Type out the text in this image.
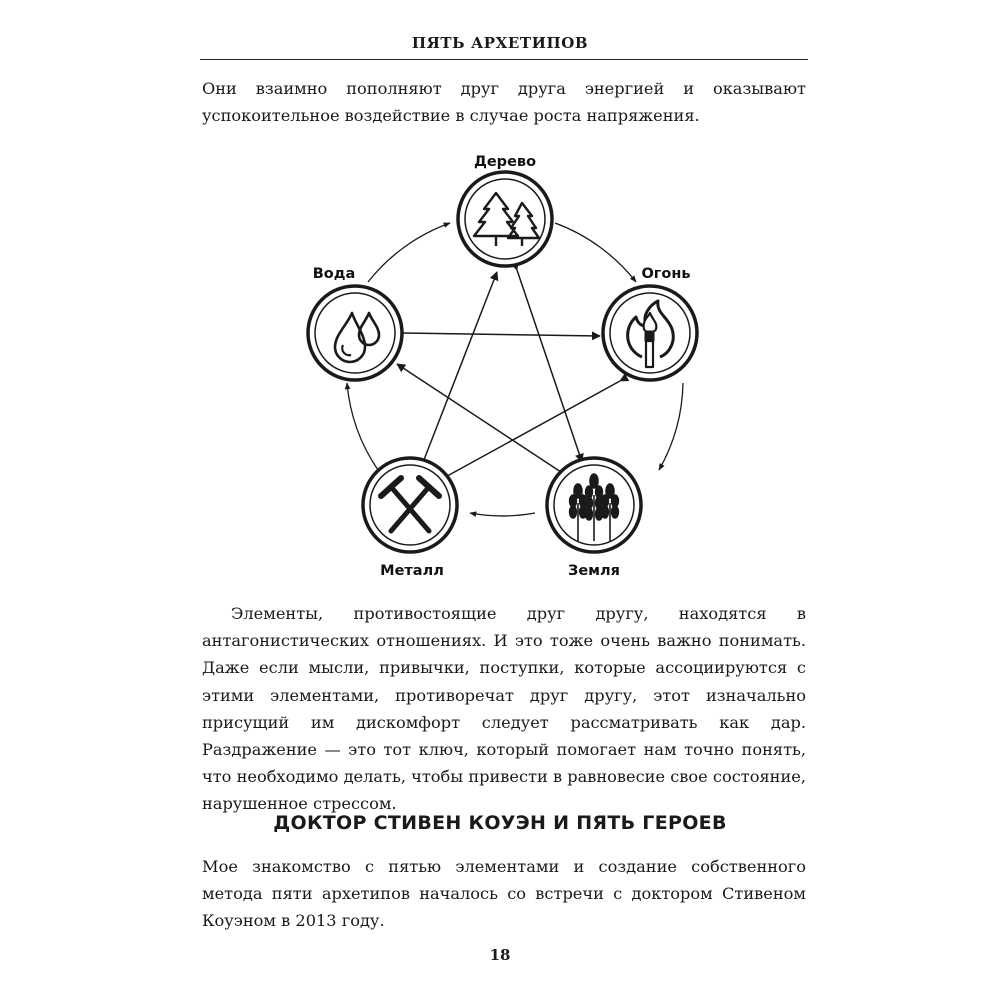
ПЯТЬ АРХЕТИПОВ

Они взаимно пополняют друг друга энергией и оказывают успокоительное воздействие в случае роста напряжения.

Дерево
Огонь
Земля
Металл
Вода

Элементы, противостоящие друг другу, находятся в антагонистических отношениях. И это тоже очень важно понимать. Даже если мысли, привычки, поступки, которые ассоциируются с этими элементами, противоречат друг другу, этот изначально присущий им дискомфорт следует рассматривать как дар. Раздражение — это тот ключ, который помогает нам точно понять, что необходимо делать, чтобы привести в равновесие свое состояние, нарушенное стрессом.

ДОКТОР СТИВЕН КОУЭН И ПЯТЬ ГЕРОЕВ

Мое знакомство с пятью элементами и создание собственного метода пяти архетипов началось со встречи с доктором Стивеном Коуэном в 2013 году.

18
